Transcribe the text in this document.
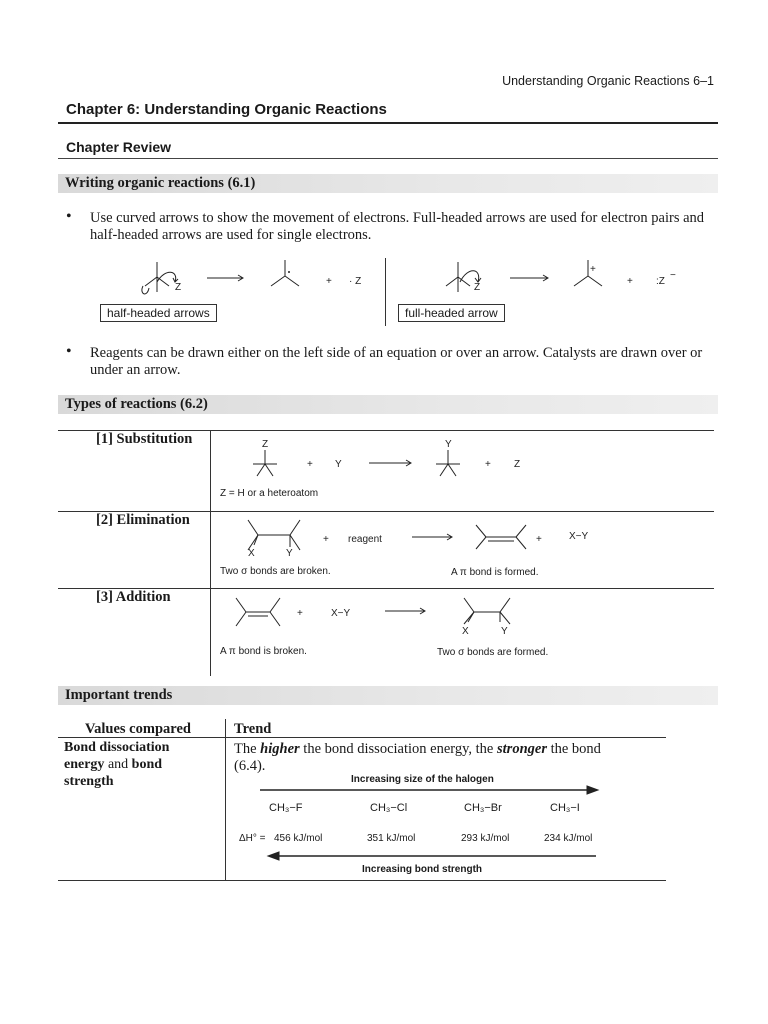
Understanding Organic Reactions 6–1
Chapter 6: Understanding Organic Reactions
Chapter Review
Writing organic reactions (6.1)
• Use curved arrows to show the movement of electrons. Full-headed arrows are used for electron pairs and half-headed arrows are used for single electrons.
Z
+ · Z
Z
+
+ :Z
−
half-headed arrows	full-headed arrow
• Reagents can be drawn either on the left side of an equation or over an arrow. Catalysts are drawn over or under an arrow.
Types of reactions (6.2)
[1] Substitution	Z
+ Y
Y
+ Z
Z = H or a heteroatom
[2] Elimination
X	Y
+ reagent	+	X−Y
Two σ bonds are broken.	A π bond is formed.
[3] Addition
+	X−Y
X	Y
A π bond is broken.	Two σ bonds are formed.
Important trends
Values compared	Trend
Bond dissociation
energy and bond
strength
The higher the bond dissociation energy, the stronger the bond
(6.4).
Increasing size of the halogen
CH₃−F	CH₃−Cl	CH₃−Br	CH₃−I
ΔH° = 456 kJ/mol	351 kJ/mol	293 kJ/mol	234 kJ/mol
Increasing bond strength
